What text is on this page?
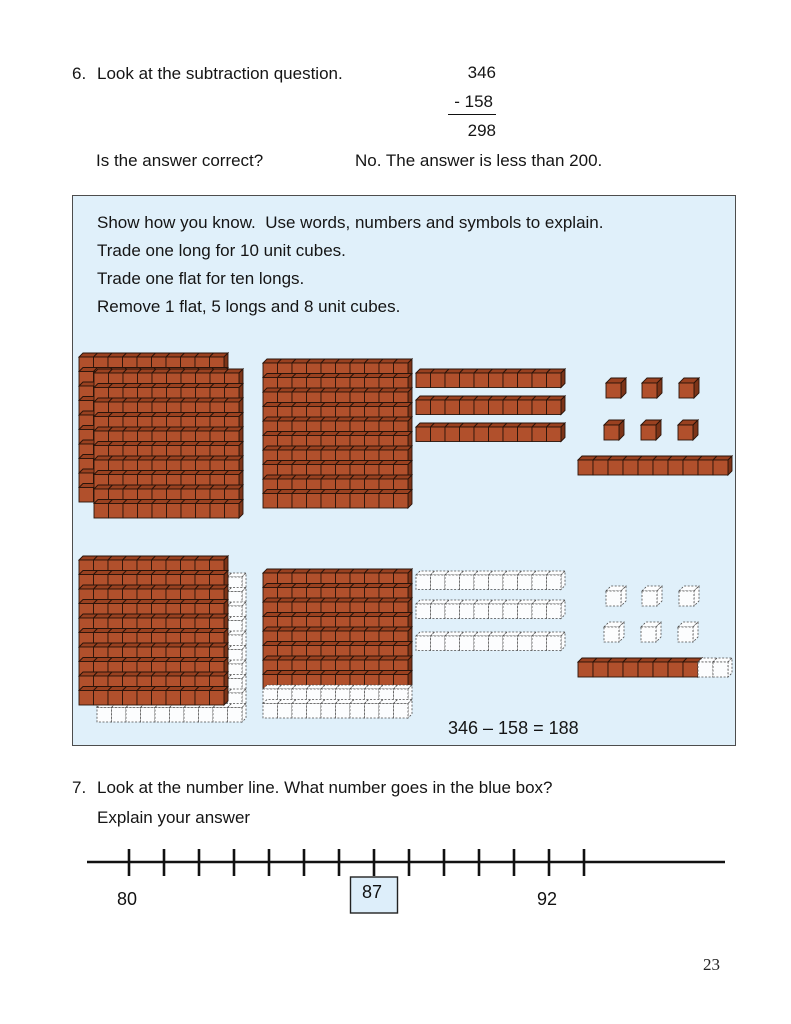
6. Look at the subtraction question.	346
- 158
298
Is the answer correct?	No. The answer is less than 200.
Show how you know.  Use words, numbers and symbols to explain.
Trade one long for 10 unit cubes.
Trade one flat for ten longs.
Remove 1 flat, 5 longs and 8 unit cubes.
346 – 158 = 188
7. Look at the number line. What number goes in the blue box?
Explain your answer
80	87	92
23
